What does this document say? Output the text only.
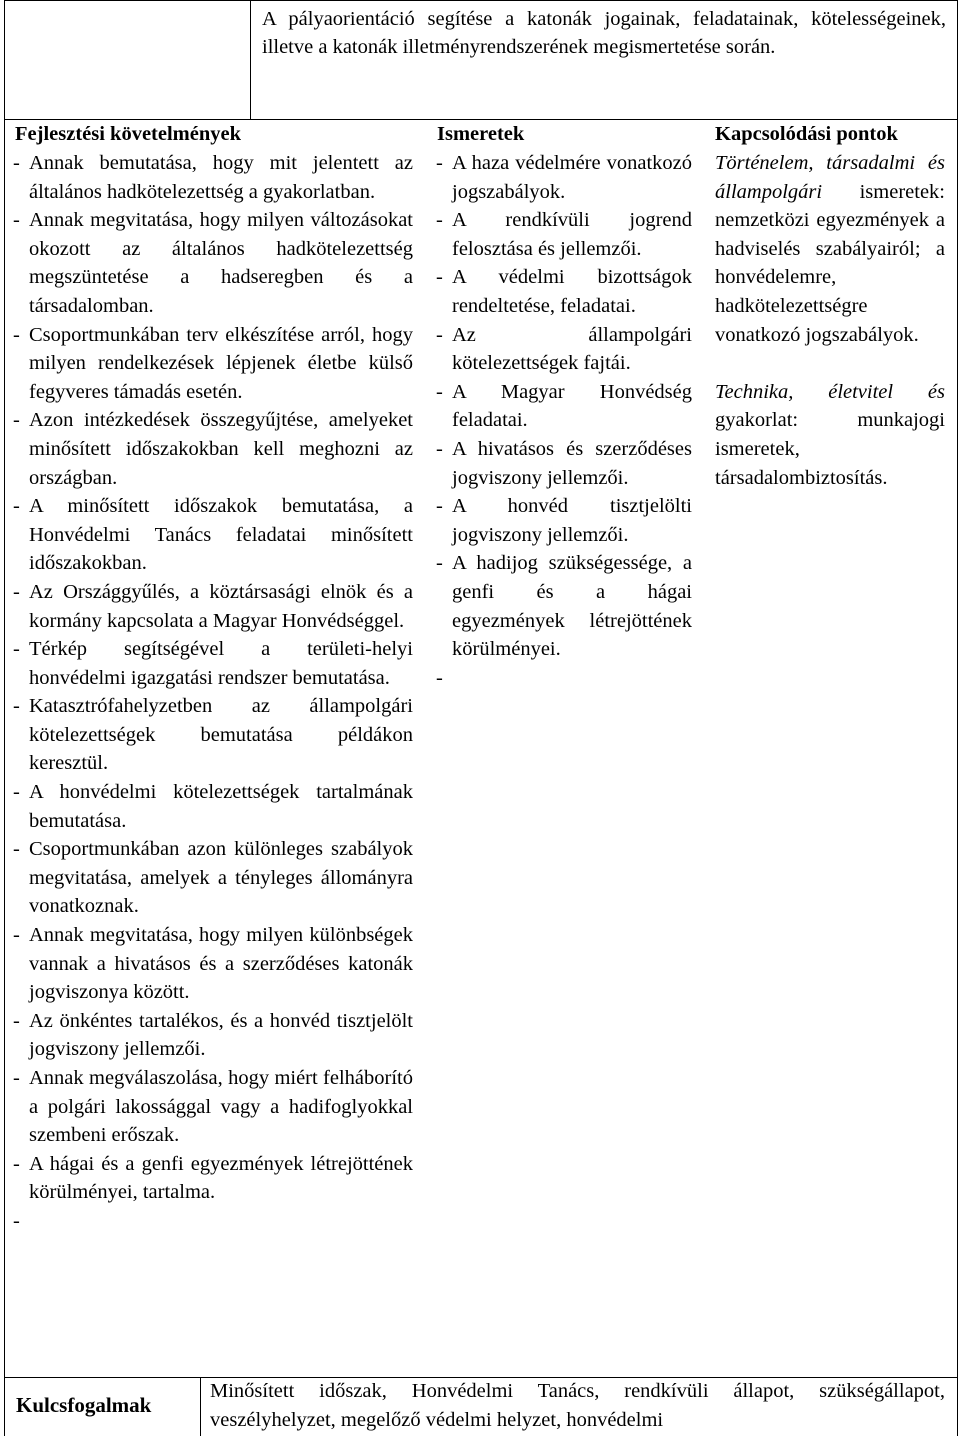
A pályaorientáció segítése a katonák jogainak, feladatainak, kötelességeinek, illetve a katonák illetményrendszerének megismertetése során.

Fejlesztési követelmények	Ismeretek	Kapcsolódási pontok
- Annak bemutatása, hogy mit jelentett az általános hadkötelezettség a gyakorlatban.
- Annak megvitatása, hogy milyen változásokat okozott az általános hadkötelezettség megszüntetése a hadseregben és a társadalomban.
- Csoportmunkában terv elkészítése arról, hogy milyen rendelkezések lépjenek életbe külső fegyveres támadás esetén.
- Azon intézkedések összegyűjtése, amelyeket minősített időszakokban kell meghozni az országban.
- A minősített időszakok bemutatása, a Honvédelmi Tanács feladatai minősített időszakokban.
- Az Országgyűlés, a köztársasági elnök és a kormány kapcsolata a Magyar Honvédséggel.
- Térkép segítségével a területi-helyi honvédelmi igazgatási rendszer bemutatása.
- Katasztrófahelyzetben az állampolgári kötelezettségek bemutatása példákon keresztül.
- A honvédelmi kötelezettségek tartalmának bemutatása.
- Csoportmunkában azon különleges szabályok megvitatása, amelyek a tényleges állományra vonatkoznak.
- Annak megvitatása, hogy milyen különbségek vannak a hivatásos és a szerződéses katonák jogviszonya között.
- Az önkéntes tartalékos, és a honvéd tisztjelölt jogviszony jellemzői.
- Annak megválaszolása, hogy miért felháborító a polgári lakossággal vagy a hadifoglyokkal szembeni erőszak.
- A hágai és a genfi egyezmények létrejöttének körülményei, tartalma.
-

- A haza védelmére vonatkozó jogszabályok.
- A rendkívüli jogrend felosztása és jellemzői.
- A védelmi bizottságok rendeltetése, feladatai.
- Az állampolgári kötelezettségek fajtái.
- A Magyar Honvédség feladatai.
- A hivatásos és szerződéses jogviszony jellemzői.
- A honvéd tisztjelölti jogviszony jellemzői.
- A hadijog szükségessége, a genfi és a hágai egyezmények létrejöttének körülményei.
-

Történelem, társadalmi és állampolgári ismeretek: nemzetközi egyezmények a hadviselés szabályairól; a honvédelemre, hadkötelezettségre vonatkozó jogszabályok.

Technika, életvitel és gyakorlat: munkajogi ismeretek, társadalombiztosítás.

Kulcsfogalmak

Minősített időszak, Honvédelmi Tanács, rendkívüli állapot, szükségállapot, veszélyhelyzet, megelőző védelmi helyzet, honvédelmi
